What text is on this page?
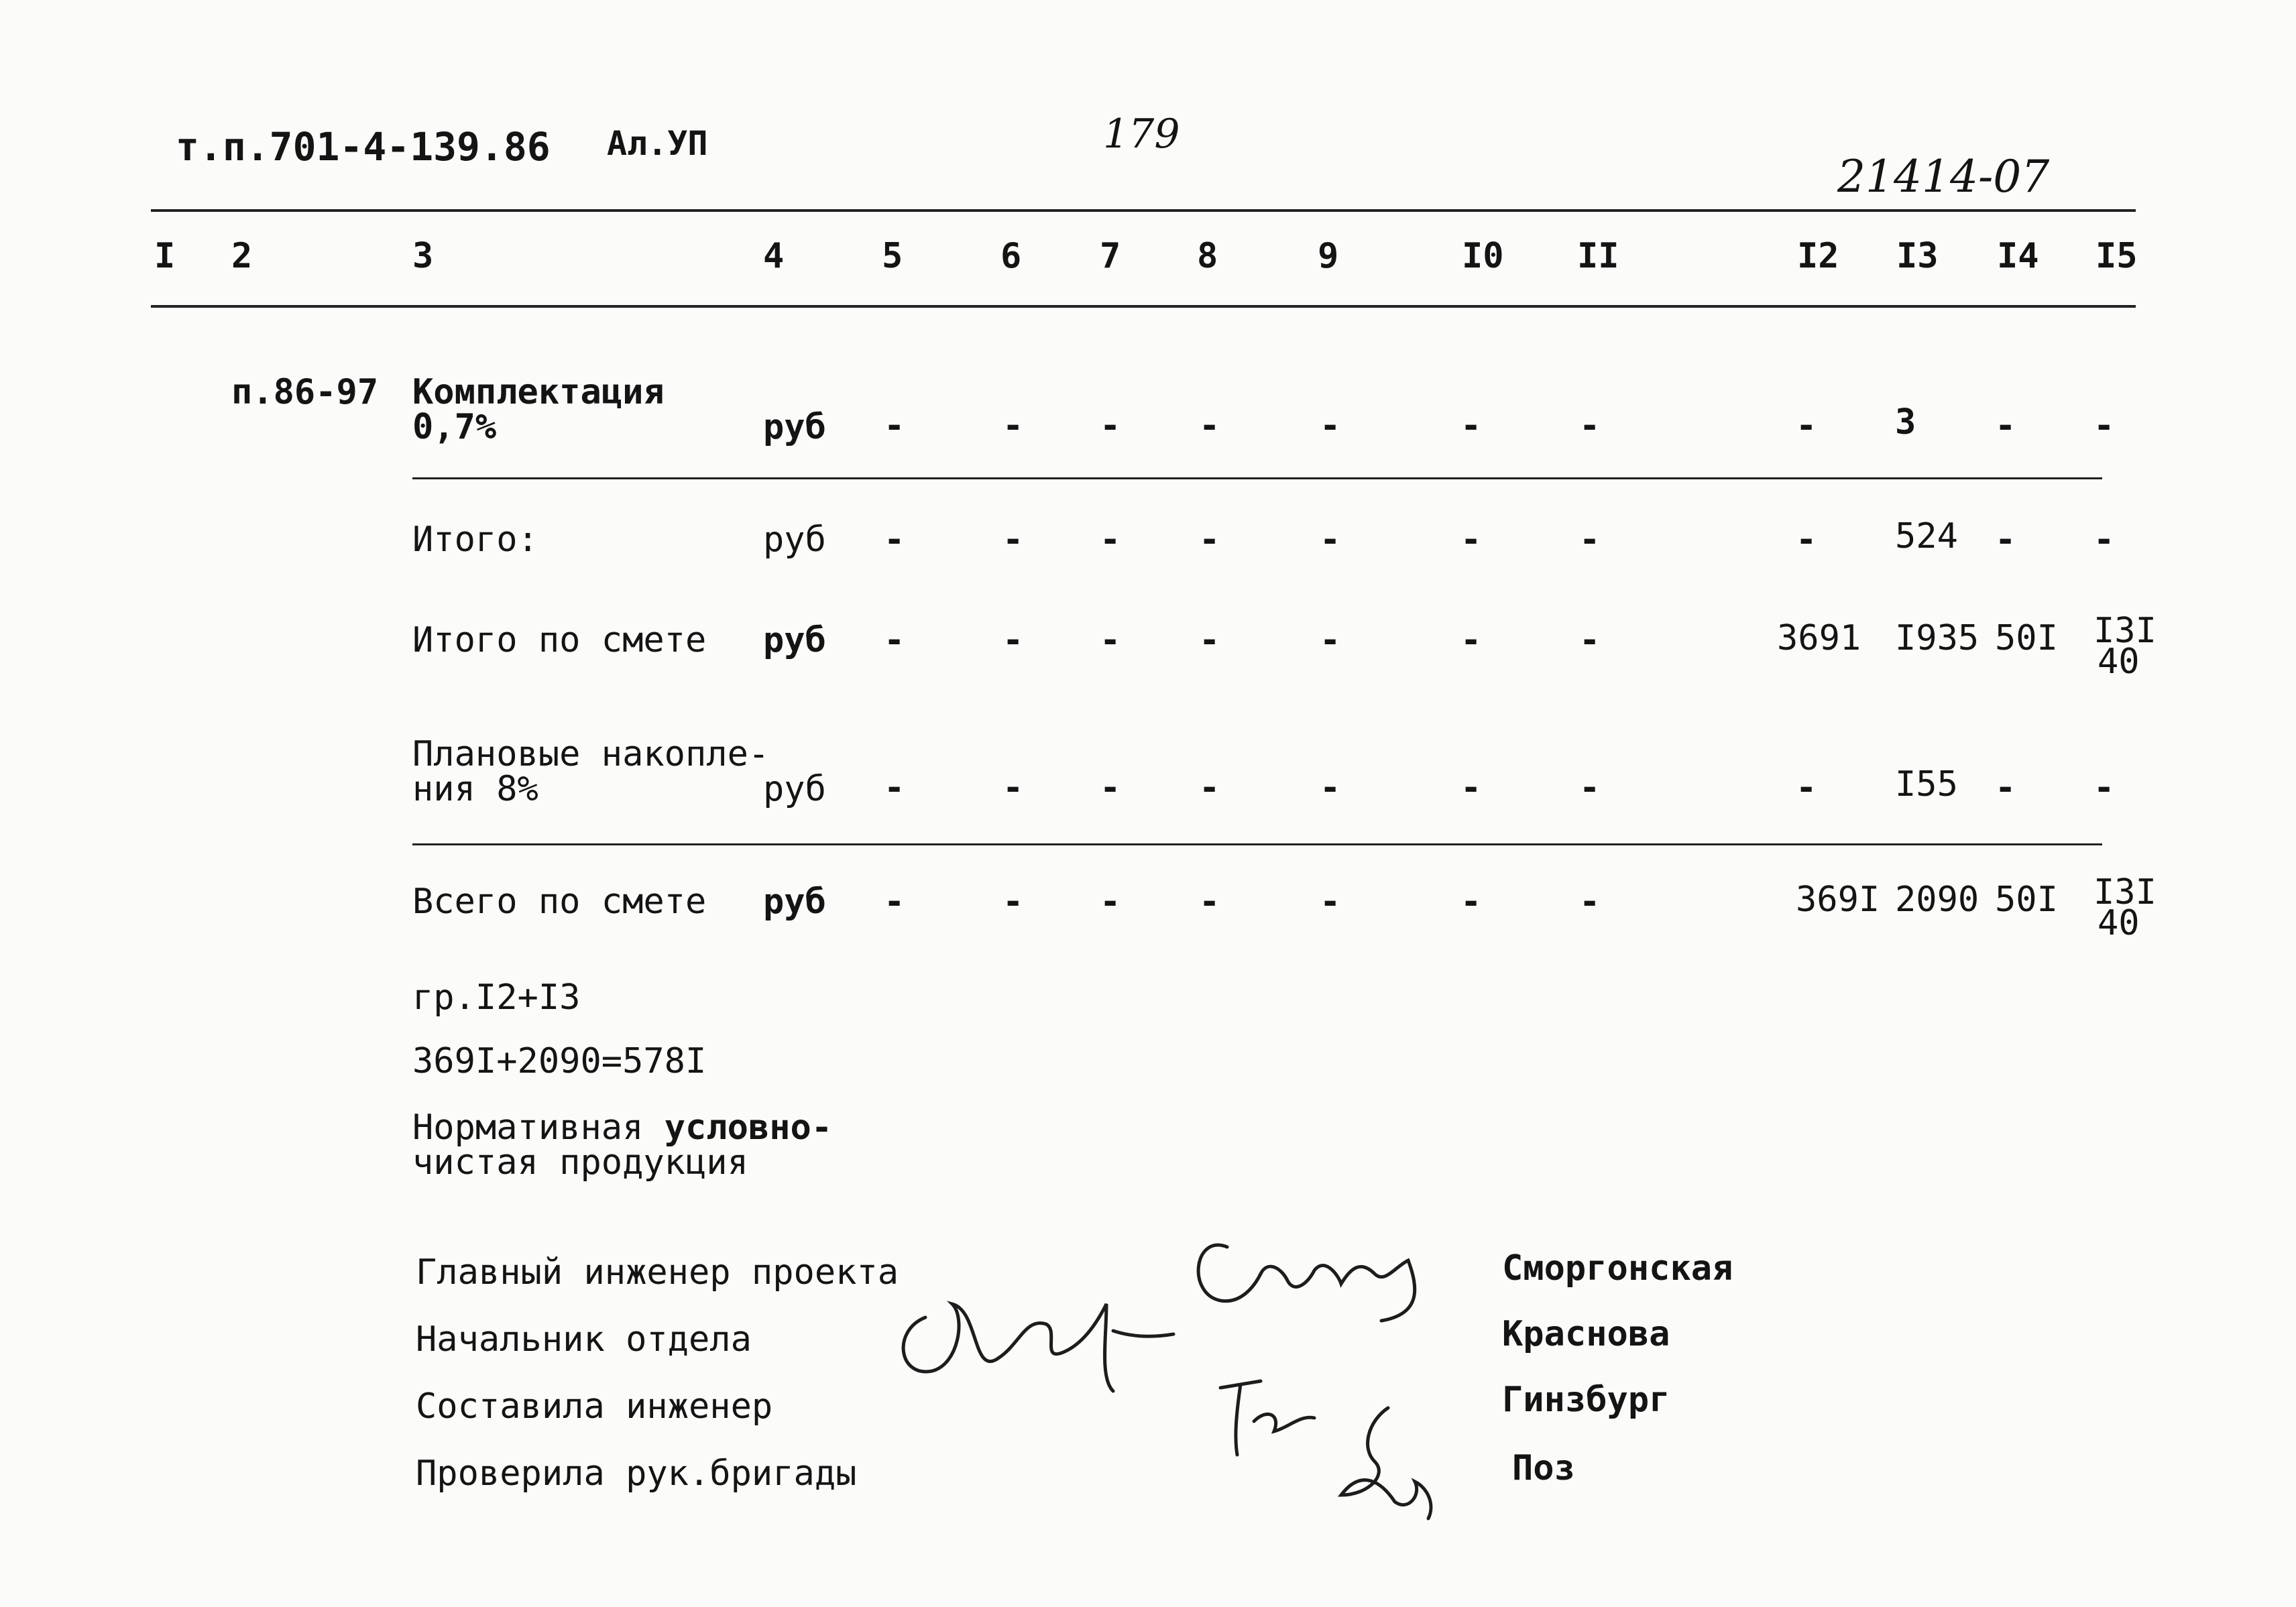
т.п.701-4-139.86 Ал.УП	179
21414-07
I 2	3	4	5	6 7 8	9	I0 II	I2 I3 I4 I5
п.86-97 Комплектация
0,7%	руб -	- - -	-	-	-	- 3 - -
Итого:	руб -	- - -	-	-	-	- 524 - -
Итого по смете руб -	- - -	-	-	-	3691 I935 50I I3I
40
Плановые накопле-
ния 8%	руб -	- - -	-	-	-	- I55 - -
Всего по смете руб -	- - -	-	-	-	369I 2090 50I I3I
40
гр.I2+I3
369I+2090=578I
Нормативная условно-
чистая продукция
Главный инженер проекта
Начальник отдела
Составила инженер
Проверила рук.бригады
Сморгонская
Краснова
Гинзбург
Поз
